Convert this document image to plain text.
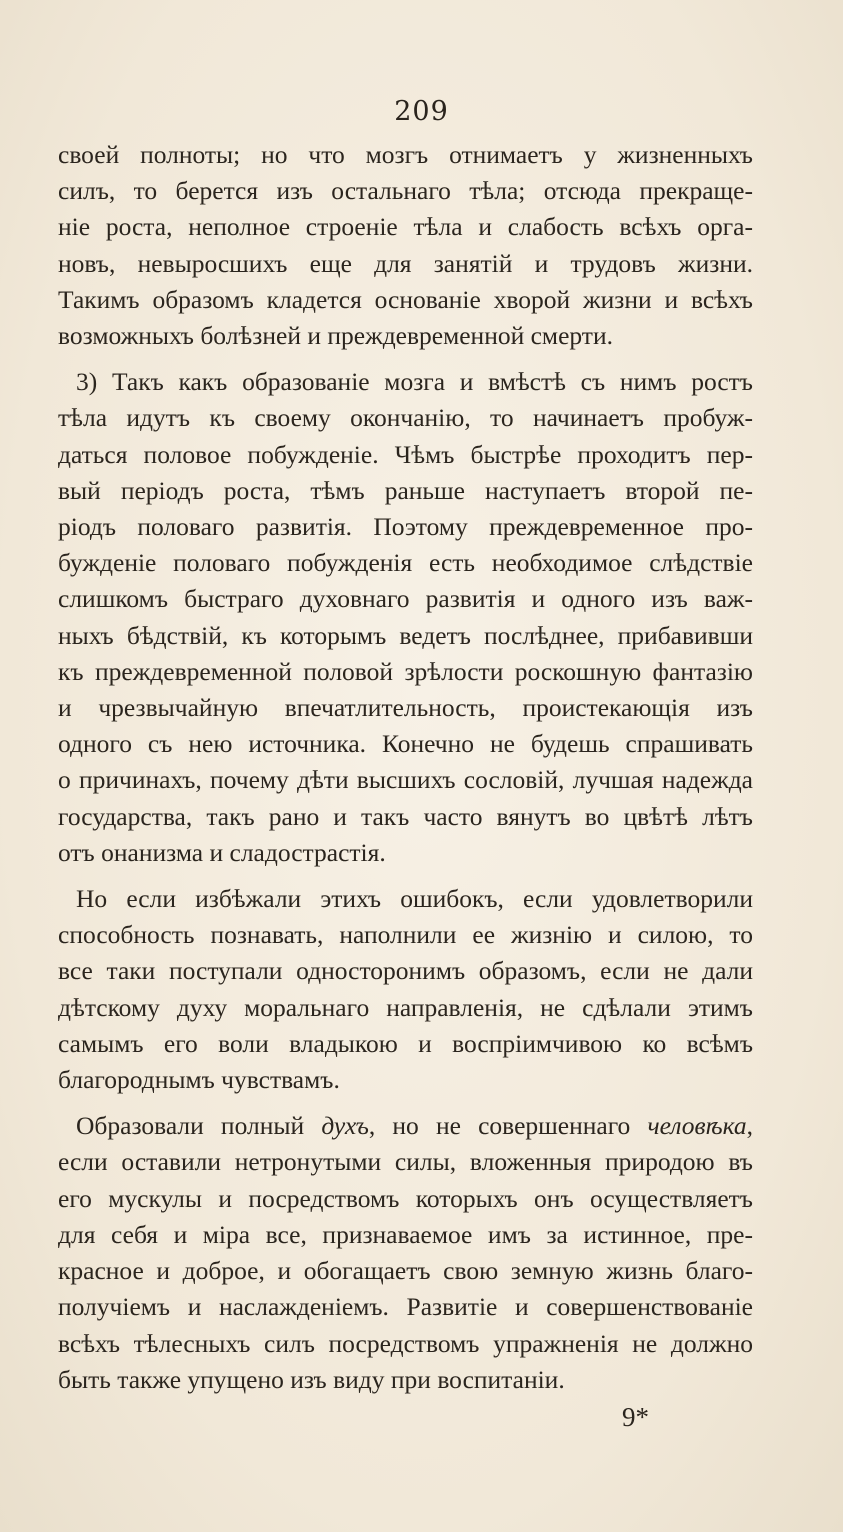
209
своей полноты; но что мозгъ отнимаетъ у жизненныхъ
силъ, то берется изъ остальнаго тѣла; отсюда прекраще-
ніе роста, неполное строеніе тѣла и слабость всѣхъ орга-
новъ, невыросшихъ еще для занятій и трудовъ жизни.
Такимъ образомъ кладется основаніе хворой жизни и всѣхъ
возможныхъ болѣзней и преждевременной смерти.
3) Такъ какъ образованіе мозга и вмѣстѣ съ нимъ ростъ
тѣла идутъ къ своему окончанію, то начинаетъ пробуж-
даться половое побужденіе. Чѣмъ быстрѣе проходитъ пер-
вый періодъ роста, тѣмъ раньше наступаетъ второй пе-
ріодъ половаго развитія. Поэтому преждевременное про-
бужденіе половаго побужденія есть необходимое слѣдствіе
слишкомъ быстраго духовнаго развитія и одного изъ важ-
ныхъ бѣдствій, къ которымъ ведетъ послѣднее, прибавивши
къ преждевременной половой зрѣлости роскошную фантазію
и чрезвычайную впечатлительность, проистекающія изъ
одного съ нею источника. Конечно не будешь спрашивать
о причинахъ, почему дѣти высшихъ сословій, лучшая надежда
государства, такъ рано и такъ часто вянутъ во цвѣтѣ лѣтъ
отъ онанизма и сладострастія.
Но если избѣжали этихъ ошибокъ, если удовлетворили
способность познавать, наполнили ее жизнію и силою, то
все таки поступали односторонимъ образомъ, если не дали
дѣтскому духу моральнаго направленія, не сдѣлали этимъ
самымъ его воли владыкою и воспріимчивою ко всѣмъ
благороднымъ чувствамъ.
Образовали полный духъ, но не совершеннаго человѣка,
если оставили нетронутыми силы, вложенныя природою въ
его мускулы и посредствомъ которыхъ онъ осуществляетъ
для себя и міра все, признаваемое имъ за истинное, пре-
красное и доброе, и обогащаетъ свою земную жизнь благо-
получіемъ и наслажденіемъ. Развитіе и совершенствованіе
всѣхъ тѣлесныхъ силъ посредствомъ упражненія не должно
быть также упущено изъ виду при воспитаніи.
9*
